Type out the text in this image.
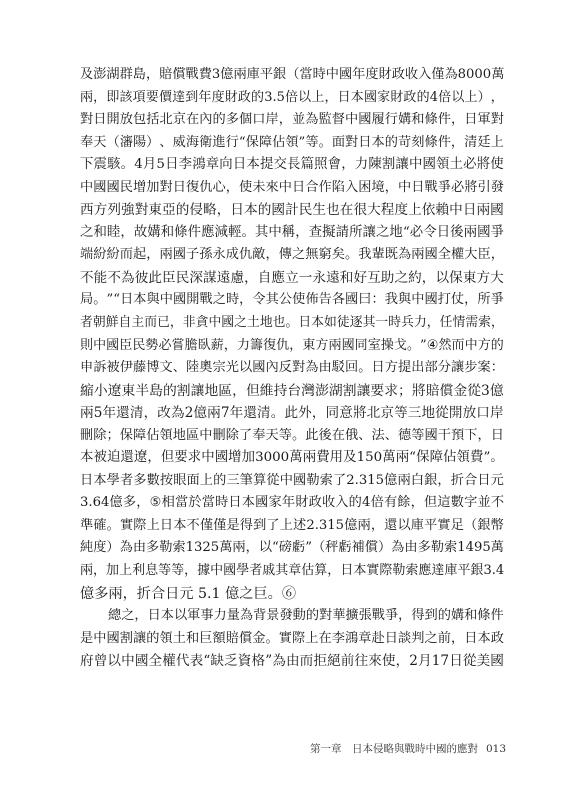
及 澎 湖 群 島 ， 賠 償 戰 費 3 億 兩 庫 平 銀 （ 當 時 中 國 年 度 財 政 收 入 僅 為 8000 萬
兩 ， 即 該 項 要 價 達 到 年 度 財 政 的 3.5 倍 以 上 ， 日 本 國 家 財 政 的 4 倍 以 上 ） ，
對 日 開 放 包 括 北 京 在 內 的 多 個 口 岸 ， 並 為 監 督 中 國 履 行 媾 和 條 件 ， 日 軍 對
奉 天 （ 瀋 陽 ） 、 威 海 衛 進 行 “ 保 障 佔 領 ” 等 。 面 對 日 本 的 苛 刻 條 件 ， 清 廷 上
下 震 駭 。 4 月 5 日 李 鴻 章 向 日 本 提 交 長 篇 照 會 ， 力 陳 割 讓 中 國 領 土 必 將 使
中 國 國 民 增 加 對 日 復 仇 心 ， 使 未 來 中 日 合 作 陷 入 困 境 ， 中 日 戰 爭 必 將 引 發
西 方 列 強 對 東 亞 的 侵 略 ， 日 本 的 國 計 民 生 也 在 很 大 程 度 上 依 賴 中 日 兩 國
之 和 睦 ， 故 媾 和 條 件 應 減 輕 。 其 中 稱 ， 查 擬 請 所 讓 之 地 “ 必 令 日 後 兩 國 爭
端 紛 紛 而 起 ， 兩 國 子 孫 永 成 仇 敵 ， 傳 之 無 窮 矣 。 我 輩 既 為 兩 國 全 權 大 臣 ，
不 能 不 為 彼 此 臣 民 深 謀 遠 慮 ， 自 應 立 一 永 遠 和 好 互 助 之 約 ， 以 保 東 方 大
局 。 ” “ 日 本 與 中 國 開 戰 之 時 ， 令 其 公 使 佈 告 各 國 曰 ： 我 與 中 國 打 仗 ， 所 爭
者 朝 鮮 自 主 而 已 ， 非 貪 中 國 之 土 地 也 。 日 本 如 徒 逐 其 一 時 兵 力 ， 任 情 需 索 ，
則 中 國 臣 民 勢 必 嘗 膽 臥 薪 ， 力 籌 復 仇 ， 東 方 兩 國 同 室 操 戈 。 ” ④ 然 而 中 方 的
申 訴 被 伊 藤 博 文 、 陸 奧 宗 光 以 國 內 反 對 為 由 駁 回 。 日 方 提 出 部 分 讓 步 案 ：
縮 小 遼 東 半 島 的 割 讓 地 區 ， 但 維 持 台 灣 澎 湖 割 讓 要 求 ； 將 賠 償 金 從 3 億
兩 5 年 還 清 ， 改 為 2 億 兩 7 年 還 清 。 此 外 ， 同 意 將 北 京 等 三 地 從 開 放 口 岸
刪 除 ； 保 障 佔 領 地 區 中 刪 除 了 奉 天 等 。 此 後 在 俄 、 法 、 德 等 國 干 預 下 ， 日
本 被 迫 還 遼 ， 但 要 求 中 國 增 加 3000 萬 兩 費 用 及 150 萬 兩 “ 保 障 佔 領 費 ” 。
日 本 學 者 多 數 按 眼 面 上 的 三 筆 算 從 中 國 勒 索 了 2.315 億 兩 白 銀 ， 折 合 日 元
3.64 億 多 ， ⑤ 相 當 於 當 時 日 本 國 家 年 財 政 收 入 的 4 倍 有 餘 ， 但 這 數 字 並 不
準 確 。 實 際 上 日 本 不 僅 僅 是 得 到 了 上 述 2.315 億 兩 ， 還 以 庫 平 實 足 （ 銀 幣
純 度 ） 為 由 多 勒 索 1325 萬 兩 ， 以 “ 磅 虧 ” （ 秤 虧 補 償 ） 為 由 多 勒 索 1495 萬
兩 ， 加 上 利 息 等 等 ， 據 中 國 學 者 戚 其 章 估 算 ， 日 本 實 際 勒 索 應 達 庫 平 銀 3.4
億多兩，折合日元 5.1 億之巨。⑥
總 之 ， 日 本 以 軍 事 力 量 為 背 景 發 動 的 對 華 擴 張 戰 爭 ， 得 到 的 媾 和 條 件
是 中 國 割 讓 的 領 土 和 巨 額 賠 償 金 。 實 際 上 在 李 鴻 章 赴 日 談 判 之 前 ， 日 本 政
府 曾 以 中 國 全 權 代 表 “ 缺 乏 資 格 ” 為 由 而 拒 絕 前 往 來 使 ， 2 月 17 日 從 美 國
第一章　日本侵略與戰時中國的應對 013
